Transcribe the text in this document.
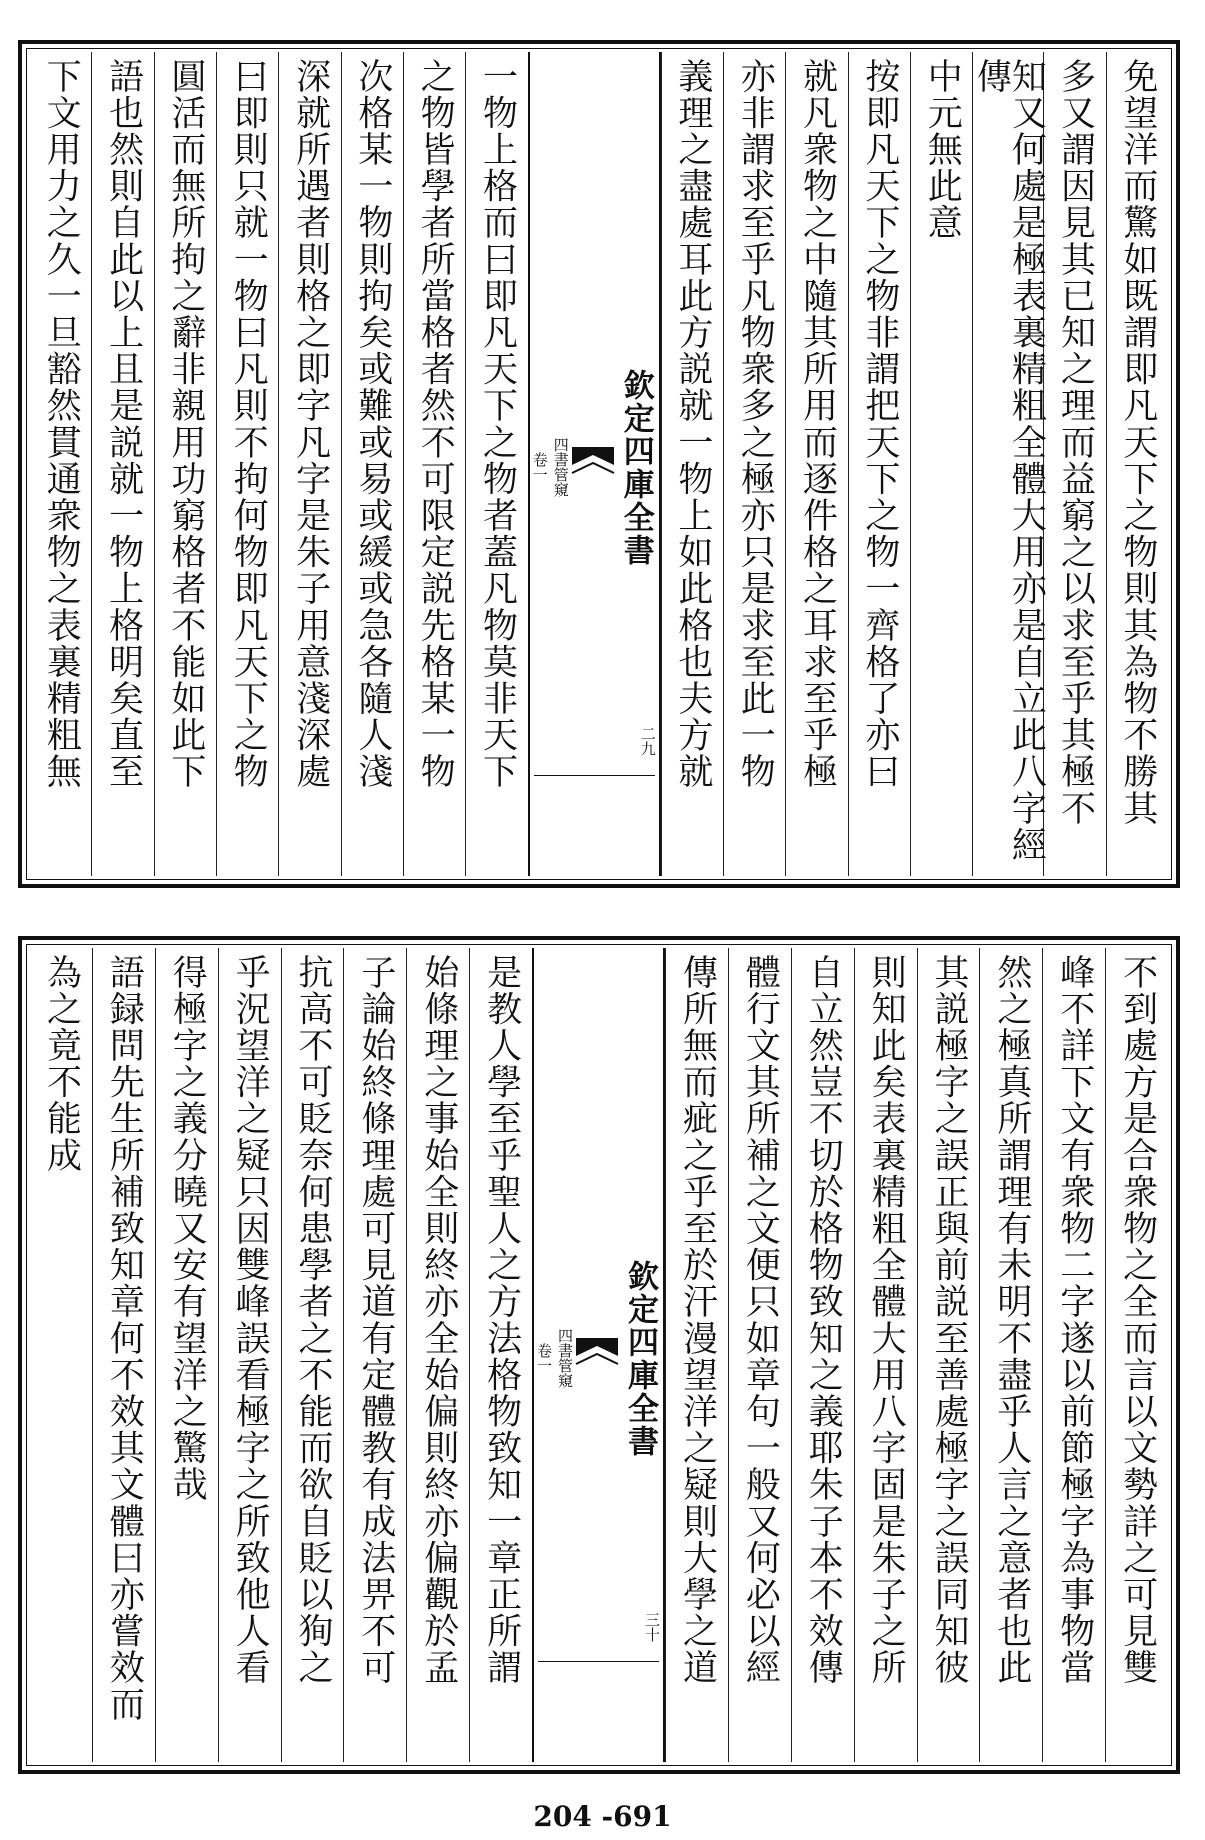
免望洋而驚如既謂即凡天下之物則其為物不勝其
多又謂因見其已知之理而益窮之以求至乎其極不
知又何處是極表裏精粗全體大用亦是自立此八字經傳
中元無此意
按即凡天下之物非謂把天下之物一齊格了亦曰
就凡衆物之中隨其所用而逐件格之耳求至乎極
亦非謂求至乎凡物衆多之極亦只是求至此一物
義理之盡處耳此方説就一物上如此格也夫方就
欽定四庫全書
四書管窺
卷一
二九
一物上格而曰即凡天下之物者蓋凡物莫非天下
之物皆學者所當格者然不可限定説先格某一物
次格某一物則拘矣或難或易或緩或急各隨人淺
深就所遇者則格之即字凡字是朱子用意淺深處
曰即則只就一物曰凡則不拘何物即凡天下之物
圓活而無所拘之辭非親用功窮格者不能如此下
語也然則自此以上且是説就一物上格明矣直至
下文用力之久一旦豁然貫通衆物之表裏精粗無
不到處方是合衆物之全而言以文勢詳之可見雙
峰不詳下文有衆物二字遂以前節極字為事物當
然之極真所謂理有未明不盡乎人言之意者也此
其説極字之誤正與前説至善處極字之誤同知彼
則知此矣表裏精粗全體大用八字固是朱子之所
自立然豈不切於格物致知之義耶朱子本不效傳
體行文其所補之文便只如章句一般又何必以經
傳所無而疵之乎至於汗漫望洋之疑則大學之道
欽定四庫全書
四書管窺
卷一
三十
是教人學至乎聖人之方法格物致知一章正所謂
始條理之事始全則終亦全始偏則終亦偏觀於孟
子論始終條理處可見道有定體教有成法畀不可
抗高不可貶奈何患學者之不能而欲自貶以狥之
乎況望洋之疑只因雙峰誤看極字之所致他人看
得極字之義分曉又安有望洋之驚哉
語録問先生所補致知章何不效其文體曰亦嘗效而
為之竟不能成
204 -691
